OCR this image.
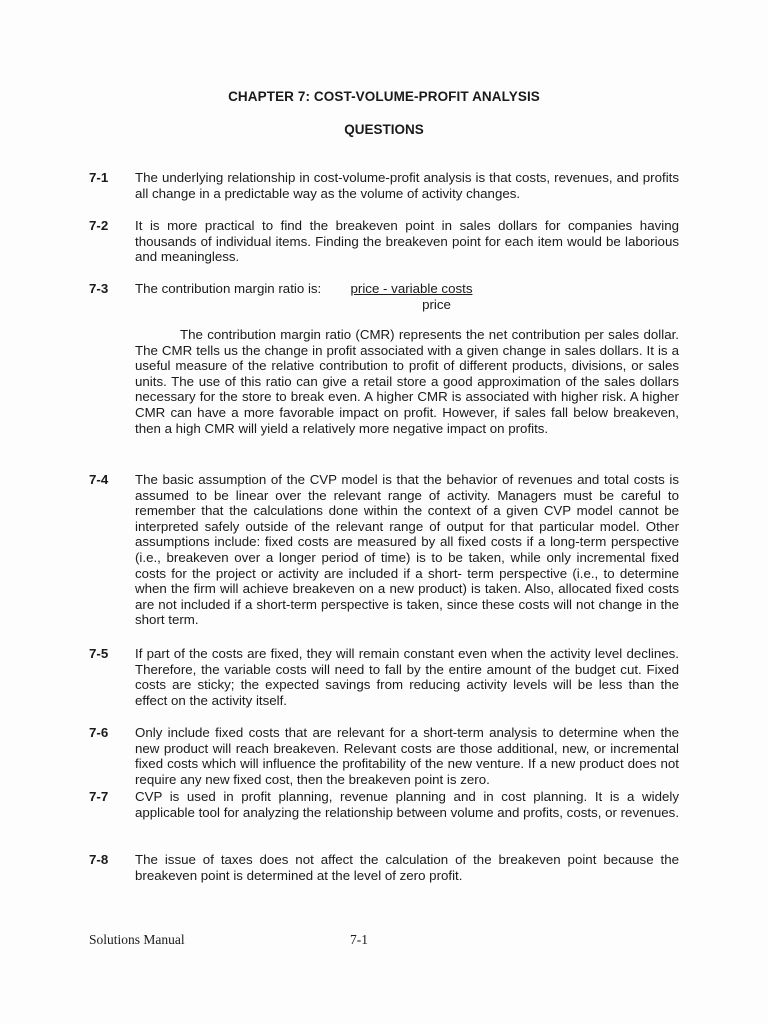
CHAPTER 7: COST-VOLUME-PROFIT ANALYSIS
QUESTIONS
7-1 The underlying relationship in cost-volume-profit analysis is that costs, revenues, and profits all change in a predictable way as the volume of activity changes.
7-2 It is more practical to find the breakeven point in sales dollars for companies having thousands of individual items. Finding the breakeven point for each item would be laborious and meaningless.
7-3 The contribution margin ratio is: price - variable costs
price
The contribution margin ratio (CMR) represents the net contribution per sales dollar. The CMR tells us the change in profit associated with a given change in sales dollars. It is a useful measure of the relative contribution to profit of different products, divisions, or sales units. The use of this ratio can give a retail store a good approximation of the sales dollars necessary for the store to break even. A higher CMR is associated with higher risk. A higher CMR can have a more favorable impact on profit. However, if sales fall below breakeven, then a high CMR will yield a relatively more negative impact on profits.
7-4 The basic assumption of the CVP model is that the behavior of revenues and total costs is assumed to be linear over the relevant range of activity. Managers must be careful to remember that the calculations done within the context of a given CVP model cannot be interpreted safely outside of the relevant range of output for that particular model. Other assumptions include: fixed costs are measured by all fixed costs if a long-term perspective (i.e., breakeven over a longer period of time) is to be taken, while only incremental fixed costs for the project or activity are included if a short- term perspective (i.e., to determine when the firm will achieve breakeven on a new product) is taken. Also, allocated fixed costs are not included if a short-term perspective is taken, since these costs will not change in the short term.
7-5 If part of the costs are fixed, they will remain constant even when the activity level declines. Therefore, the variable costs will need to fall by the entire amount of the budget cut. Fixed costs are sticky; the expected savings from reducing activity levels will be less than the effect on the activity itself.
7-6 Only include fixed costs that are relevant for a short-term analysis to determine when the new product will reach breakeven. Relevant costs are those additional, new, or incremental fixed costs which will influence the profitability of the new venture. If a new product does not require any new fixed cost, then the breakeven point is zero.
7-7 CVP is used in profit planning, revenue planning and in cost planning. It is a widely applicable tool for analyzing the relationship between volume and profits, costs, or revenues.
7-8 The issue of taxes does not affect the calculation of the breakeven point because the breakeven point is determined at the level of zero profit.
Solutions Manual	7-1
